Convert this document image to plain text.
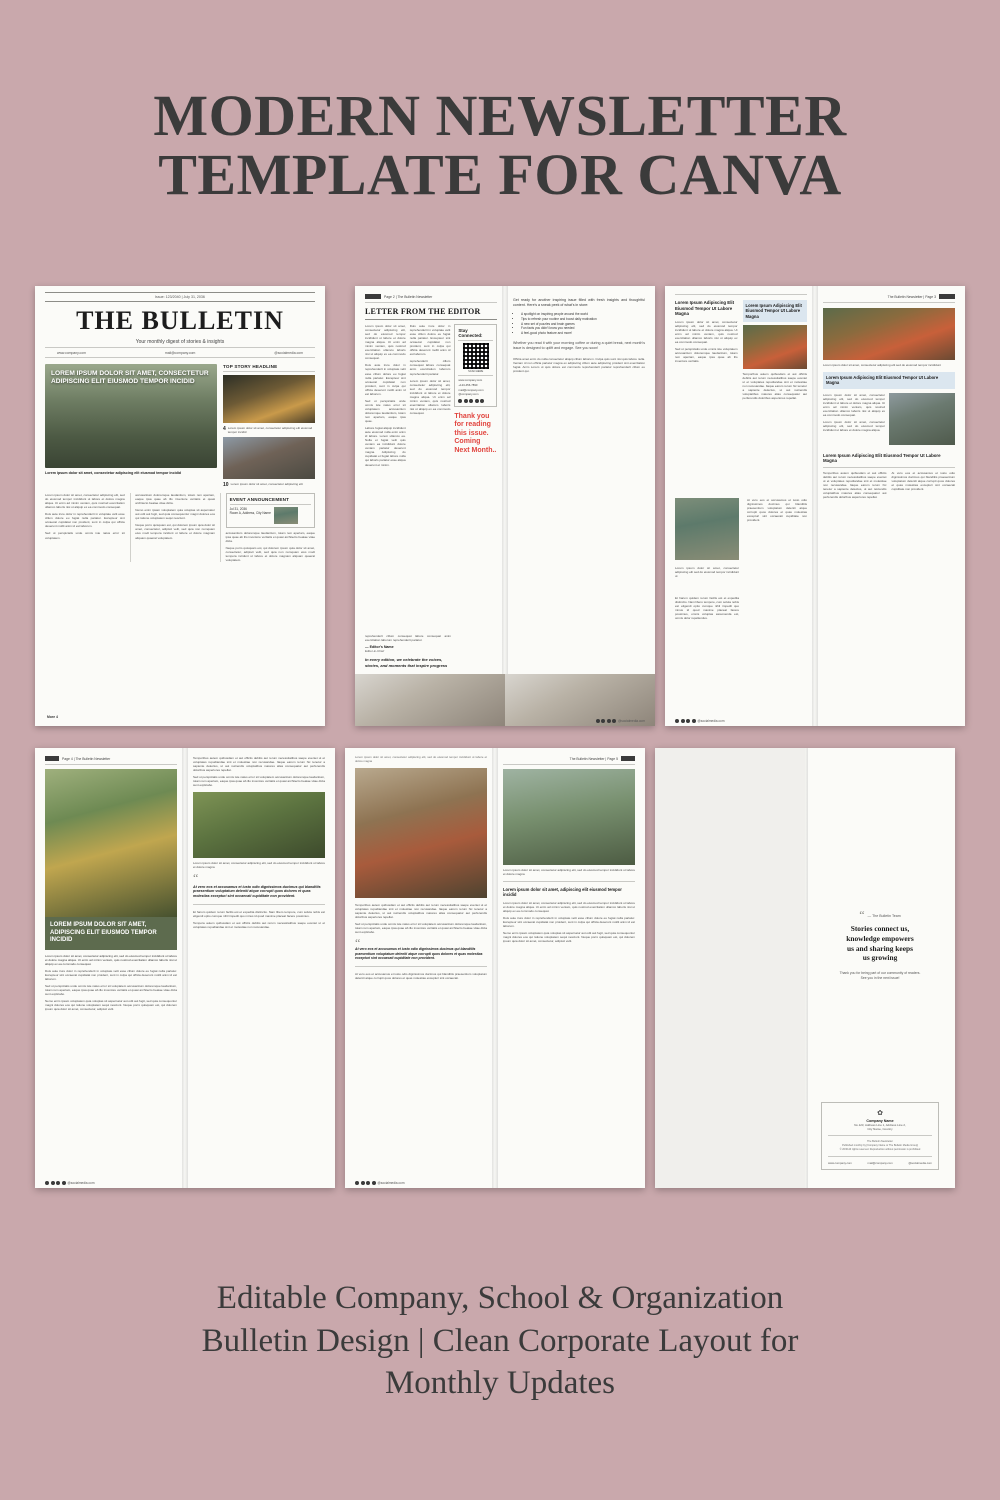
MODERN NEWSLETTER
TEMPLATE FOR CANVA
Issue: 123/2040 | July 31, 2036
THE BULLETIN
Your monthly digest of stories & insights
www.company.com	mail@company.com	@socialmedia.com
LOREM IPSUM DOLOR SIT AMET, CONSECTETUR ADIPISCING ELIT EIUSMOD TEMPOR INCIDID
Lorem ipsum dolor sit amet, consectetur adipiscing elit eiusmod tempor incidid
TOP STORY HEADLINE
4 Lorem ipsum dolor sit amet, consectetur adipiscing elit eiusmod tempor incidid
10 Lorem ipsum dolor sit amet, consectetur adipiscing elit
Lorem ipsum dolor sit amet, consectetur adipiscing elit, sed do eiusmod tempor incididunt ut labore et dolore magna aliqua. Ut enim ad minim veniam, quis nostrud exercitation ullamco laboris nisi ut aliquip ex ea commodo consequat.
Duis aute irure dolor in reprehenderit in voluptate velit esse cillum dolore eu fugiat nulla pariatur. Excepteur sint occaecat cupidatat non proident, sunt in culpa qui officia deserunt mollit anim id est laborum.
Sed ut perspiciatis unde omnis iste natus error sit voluptatem.
accusantium doloremque laudantium, totam rem aperiam, eaque ipsa quae ab illo inventore veritatis et quasi architecto beatae vitae dicta.
Nemo enim ipsam voluptatem quia voluptas sit aspernatur aut odit aut fugit, sed quia consequuntur magni dolores eos qui ratione voluptatem sequi nesciunt.
Neque porro quisquam est, qui dolorem ipsum quia dolor sit amet, consectetur, adipisci velit, sed quia non numquam eius modi tempora incidunt ut labore et dolore magnam aliquam quaerat voluptatem.
EVENT ANNOUNCEMENT
Jul 31, 2036
Room A, Address, City Name
accusantium doloremque laudantium, totam rem aperiam, eaque ipsa quae ab illo inventore veritatis et quasi architecto beatae vitae dicta.
Neque porro quisquam est, qui dolorem ipsum quia dolor sit amet, consectetur, adipisci velit, sed quia non numquam eius modi tempora incidunt ut labore et dolore magnam aliquam quaerat voluptatem.
More 4
Page 2 | The Bulletin Newsletter
LETTER FROM THE EDITOR
Lorem ipsum dolor sit amet, consectetur adipiscing elit, sed do eiusmod tempor incididunt ut labore et dolore magna aliqua. Ut enim ad minim veniam, quis nostrud exercitation ullamco laboris nisi ut aliquip ex ea commodo consequat.
Duis aute irure dolor in reprehenderit in voluptate velit esse cillum dolore eu fugiat nulla pariatur. Excepteur sint occaecat cupidatat non proident, sunt in culpa qui officia deserunt mollit anim id est laborum.
Sed ut perspiciatis unde omnis iste natus error sit voluptatem accusantium doloremque laudantium, totam rem aperiam, eaque ipsa quae.
Labore fugiat aliquip incididunt aute eiusmod nulla enim anim id labore. Lorem ullamco ea. Nulla et fugiat velit quis veniam ea incididunt dolore veniam pariatur deserunt magna. Adipiscing do cupidatat et fugiat labore nulla qui laboris pariatur esse aliqua deserunt et minim.
Duis aute irure dolor in reprehenderit in voluptate velit esse cillum dolore eu fugiat nulla pariatur. Excepteur sint occaecat cupidatat non proident, sunt in culpa qui officia deserunt mollit anim id est laborum.
reprehenderit cillum consequat labore consequat anim exercitation laborum reprehenderit pariatur.
Lorem ipsum dolor sit amet, consectetur adipiscing elit, sed do eiusmod tempor incididunt ut labore et dolore magna aliqua. Ut enim ad minim veniam, quis nostrud exercitation ullamco laboris nisi ut aliquip ex ea commodo consequat.
Stay Connected:
SCAN HERE
www.company.com
+123-456-7890
mail@company.com
@company.com
Thank you for reading this issue. Coming Next Month..
reprehenderit cillum consequat labore consequat anim exercitation laborum reprehenderit pariatur.
— Editor's Name
Editor-in-Chief
In every edition, we celebrate the voices, stories, and moments that inspire progress
Get ready for another inspiring issue filled with fresh insights and thoughtful content. Here's a sneak peek of what's in store:
• A spotlight on inspiring people around the world
• Tips to refresh your routine and boost daily motivation
• A new set of puzzles and brain games
• Fun facts you didn't know you needed
• A feel-good photo feature and more!
Whether you read it with your morning coffee or during a quiet break, next month's issue is designed to uplift and engage. See you soon!
Officia amet enim do nulla consectetur aliquip cillum laborum. Culpa quis sunt nisi quis labore nulla. Veniam id non officia pariatur magna ex adipiscing cillum aute adipiscing proident sint exercitation fugiat. Anim Lorem ut quis dolore est commodo reprehenderit pariatur reprehenderit cillum eu proident qui.
@socialmedia.com
Lorem Ipsum Adipiscing Elit Eiusmod Tempor Ut Labore Magna
Lorem ipsum dolor sit amet, consectetur adipiscing elit, sed do eiusmod tempor incididunt ut labore et dolore magna aliqua. Ut enim ad minim veniam, quis nostrud exercitation ullamco laboris nisi ut aliquip ex ea commodo consequat.
Sed ut perspiciatis unde omnis iste voluptatem accusantium doloremque laudantium, totam rem aperiam, eaque ipsa quae ab illo inventore veritatis.
Lorem Ipsum Adipiscing Elit Eiusmod Tempor Ut Labore Magna
Temporibus autem quibusdam et aut officiis debitis aut rerum necessitatibus saepe eveniet ut et voluptates repudiandae sint et molestiae non recusandae. Itaque earum rerum hic tenetur a sapiente delectus, ut aut reiciendis voluptatibus maiores alias consequatur aut perferendis doloribus asperiores repellat.
Lorem ipsum dolor sit amet, consectetur adipiscing elit sed do eiusmod tempor incididunt ut
Et harum quidem rerum facilis est et expedita distinctio. Nam libero tempore, cum soluta nobis est eligendi optio cumque nihil impedit quo minus id quod maxime placeat facere possimus, omnis voluptas assumenda est, omnis dolor repellendus.
At vero eos et accusamus et iusto odio dignissimos ducimus qui blanditiis praesentium voluptatum deleniti atque corrupti quos dolores et quas molestias excepturi sint occaecati cupiditate non provident.
@socialmedia.com
The Bulletin Newsletter | Page 3
Lorem ipsum dolor sit amet, consectetur adipiscing elit sed do eiusmod tempor incididunt
Lorem Ipsum Adipiscing Elit Eiusmod Tempor Ut Labore Magna
Lorem ipsum dolor sit amet, consectetur adipiscing elit, sed do eiusmod tempor incididunt ut labore et dolore magna aliqua. Ut enim ad minim veniam, quis nostrud exercitation ullamco laboris nisi ut aliquip ex ea commodo consequat.
Lorem ipsum dolor sit amet, consectetur adipiscing elit, sed do eiusmod tempor incididunt ut labore et dolore magna aliqua.
Lorem Ipsum Adipiscing Elit Eiusmod Tempor Ut Labore Magna
Temporibus autem quibusdam et aut officiis debitis aut rerum necessitatibus saepe eveniet ut et voluptates repudiandae sint et molestiae non recusandae. Itaque earum rerum hic tenetur a sapiente delectus, ut aut reiciendis voluptatibus maiores alias consequatur aut perferendis doloribus asperiores repellat.
At vero eos et accusamus et iusto odio dignissimos ducimus qui blanditiis praesentium voluptatum deleniti atque corrupti quos dolores et quas molestias excepturi sint occaecati cupiditate non provident.
Page 4 | The Bulletin Newsletter
LOREM IPSUM DOLOR SIT AMET, ADIPISCING ELIT EIUSMOD TEMPOR INCIDID
Lorem ipsum dolor sit amet, consectetur adipiscing elit, sed do eiusmod tempor incididunt ut labore et dolore magna aliqua. Ut enim ad minim veniam, quis nostrud exercitation ullamco laboris nisi ut aliquip ex ea commodo consequat.
Duis aute irure dolor in reprehenderit in voluptate velit esse cillum dolore eu fugiat nulla pariatur. Excepteur sint occaecat cupidatat non proident, sunt in culpa qui officia deserunt mollit anim id est laborum.
Sed ut perspiciatis unde omnis iste natus error sit voluptatem accusantium doloremque laudantium, totam rem aperiam, eaque ipsa quae ab illo inventore veritatis et quasi architecto beatae vitae dicta sunt explicabo.
Nemo enim ipsam voluptatem quia voluptas sit aspernatur aut odit aut fugit, sed quia consequuntur magni dolores eos qui ratione voluptatem sequi nesciunt. Neque porro quisquam est, qui dolorem ipsum quia dolor sit amet, consectetur, adipisci velit.
@socialmedia.com
Temporibus autem quibusdam et aut officiis debitis aut rerum necessitatibus saepe eveniet ut et voluptates repudiandae sint et molestiae non recusandae. Itaque earum rerum hic tenetur a sapiente delectus, ut aut reiciendis voluptatibus maiores alias consequatur aut perferendis doloribus asperiores repellat.
Sed ut perspiciatis unde omnis iste natus error sit voluptatem accusantium doloremque laudantium, totam rem aperiam, eaque ipsa quae ab illo inventore veritatis et quasi architecto beatae vitae dicta sunt explicabo.
Lorem ipsum dolor sit amet, consectetur adipiscing elit, sed do eiusmod tempor incididunt ut labore et dolore magna
“
At vero eos et accusamus et iusto odio dignissimos ducimus qui blanditiis praesentium voluptatum deleniti atque corrupti quos dolores et quas molestias excepturi sint occaecati cupiditate non provident.
Et harum quidem rerum facilis est et expedita distinctio. Nam libero tempore, cum soluta nobis est eligendi optio cumque nihil impedit quo minus id quod maxime placeat facere possimus.
Tempora autem quibusdam et aut officiis debitis aut rerum necessitatibus saepe eveniet ut et voluptates repudiandae sint et molestiae non recusandae.
Lorem ipsum dolor sit amet, consectetur adipiscing elit, sed do eiusmod tempor incididunt ut labore et dolore magna
Temporibus autem quibusdam et aut officiis debitis aut rerum necessitatibus saepe eveniet ut et voluptates repudiandae sint et molestiae non recusandae. Itaque earum rerum hic tenetur a sapiente delectus, ut aut reiciendis voluptatibus maiores alias consequatur aut perferendis doloribus asperiores repellat.
Sed ut perspiciatis unde omnis iste natus error sit voluptatem accusantium doloremque laudantium, totam rem aperiam, eaque ipsa quae ab illo inventore veritatis et quasi architecto beatae vitae dicta sunt explicabo.
“
At vero eos et accusamus et iusto odio dignissimos ducimus qui blanditiis praesentium voluptatum deleniti atque corrupti quos dolores et quas molestias excepturi sint occaecati cupiditate non provident.
At vero eos et accusamus et iusto odio dignissimos ducimus qui blanditiis praesentium voluptatum deleniti atque corrupti quos dolores et quas molestias excepturi sint occaecati.
@socialmedia.com
The Bulletin Newsletter | Page 5
Lorem ipsum dolor sit amet, consectetur adipiscing elit, sed do eiusmod tempor incididunt ut labore et dolore magna
Lorem ipsum dolor sit amet, adipiscing elit eiusmod tempor incidid
Lorem ipsum dolor sit amet, consectetur adipiscing elit, sed do eiusmod tempor incididunt ut labore et dolore magna aliqua. Ut enim ad minim veniam, quis nostrud exercitation ullamco laboris nisi ut aliquip ex ea commodo consequat.
Duis aute irure dolor in reprehenderit in voluptate velit esse cillum dolore eu fugiat nulla pariatur. Excepteur sint occaecat cupidatat non proident, sunt in culpa qui officia deserunt mollit anim id est laborum.
Nemo enim ipsam voluptatem quia voluptas sit aspernatur aut odit aut fugit, sed quia consequuntur magni dolores eos qui ratione voluptatem sequi nesciunt. Neque porro quisquam est, qui dolorem ipsum quia dolor sit amet, consectetur, adipisci velit.
“ — The Bulletin Team
Stories connect us,
knowledge empowers
us and sharing keeps
us growing
Thank you for being part of our community of readers.
See you in the next issue!
✿
Company Name
No.123, Address Line 1, Address Line 2,
City Name, Country
The Bulletin Newsletter
Published monthly by [Company Name or The Bulletin Media Group]
© 2036 All rights reserved. Reproduction without permission is prohibited
www.company.com	mail@company.com	@socialmedia.com
Editable Company, School & Organization
Bulletin Design | Clean Corporate Layout for
Monthly Updates
